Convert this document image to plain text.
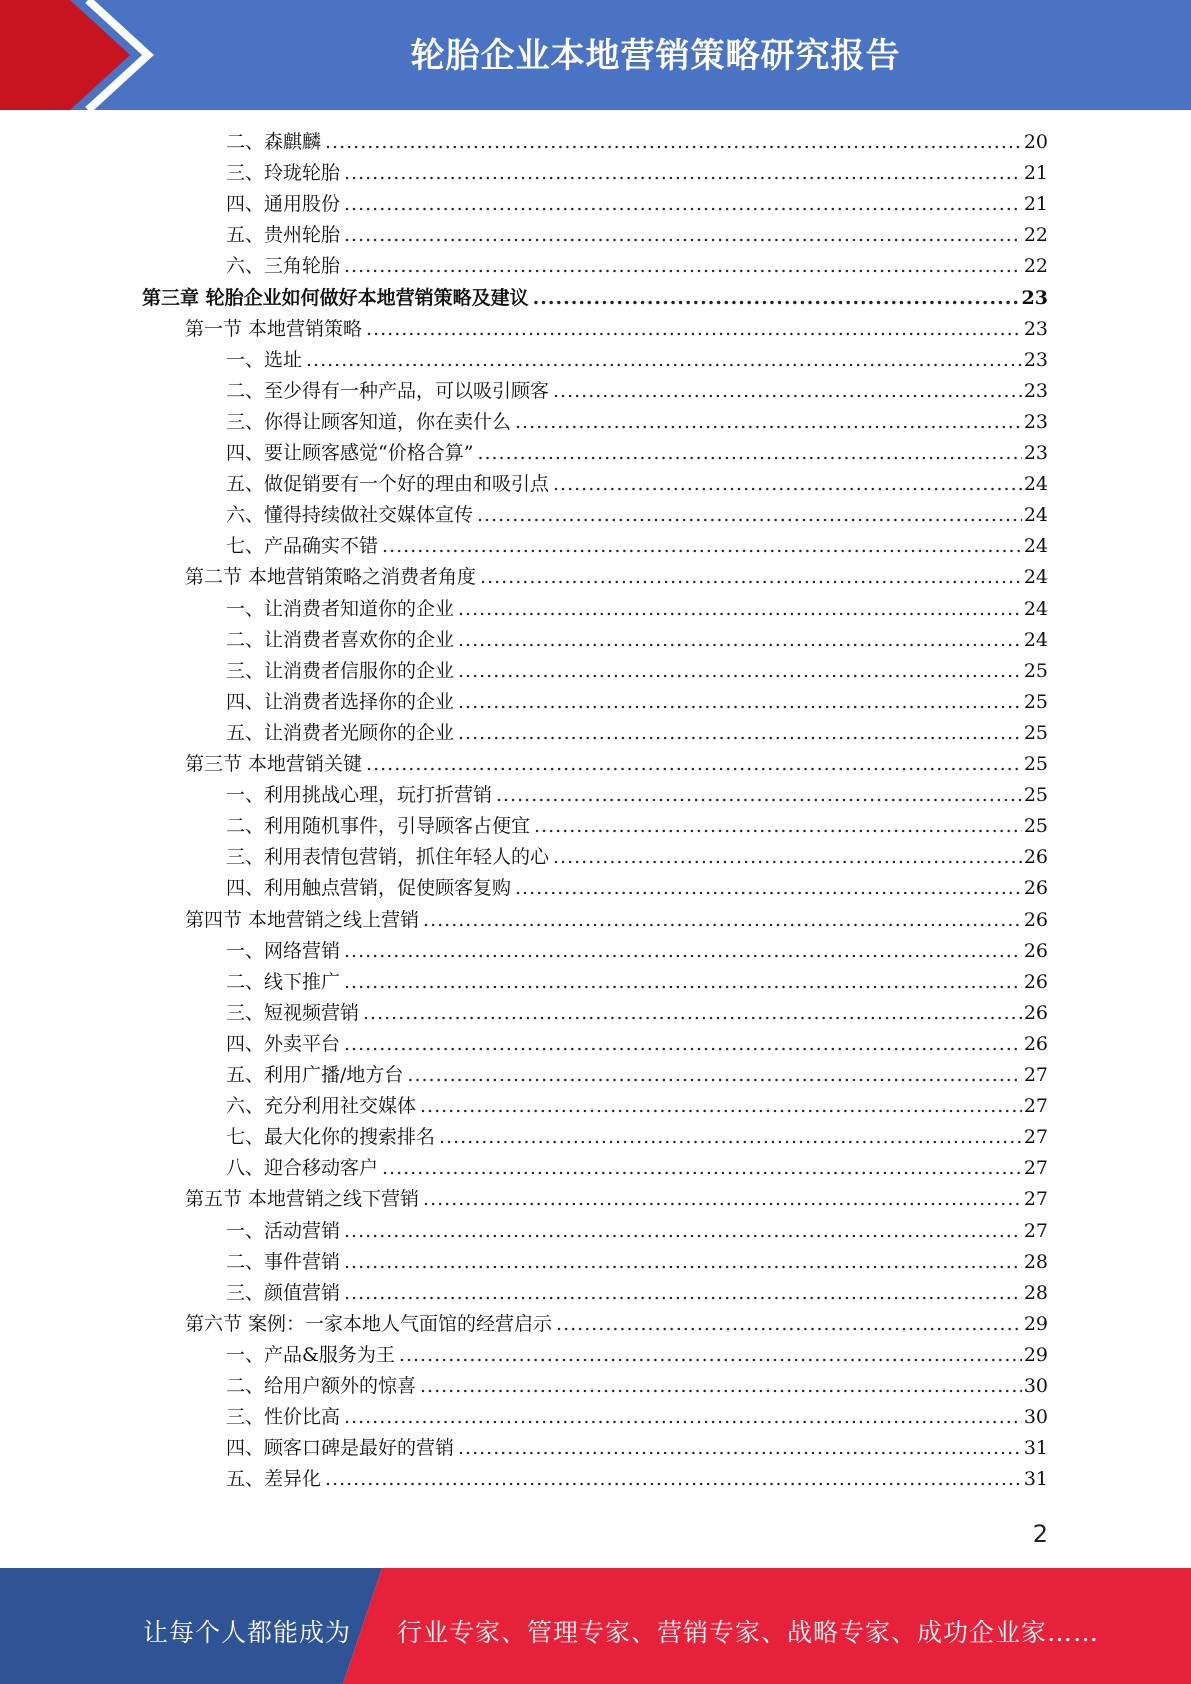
轮胎企业本地营销策略研究报告
二、森麒麟 .....	20
三、玲珑轮胎 .....	21
四、通用股份 .....	21
五、贵州轮胎 .....	22
六、三角轮胎 .....	22
第三章 轮胎企业如何做好本地营销策略及建议 .....	23
第一节 本地营销策略 .....	23
一、选址 .....	23
二、至少得有一种产品，可以吸引顾客 .....	23
三、你得让顾客知道，你在卖什么 .....	23
四、要让顾客感觉“价格合算” .....	23
五、做促销要有一个好的理由和吸引点 .....	24
六、懂得持续做社交媒体宣传 .....	24
七、产品确实不错 .....	24
第二节 本地营销策略之消费者角度 .....	24
一、让消费者知道你的企业 .....	24
二、让消费者喜欢你的企业 .....	24
三、让消费者信服你的企业 .....	25
四、让消费者选择你的企业 .....	25
五、让消费者光顾你的企业 .....	25
第三节 本地营销关键 .....	25
一、利用挑战心理，玩打折营销 .....	25
二、利用随机事件，引导顾客占便宜 .....	25
三、利用表情包营销，抓住年轻人的心 .....	26
四、利用触点营销，促使顾客复购 .....	26
第四节 本地营销之线上营销 .....	26
一、网络营销 .....	26
二、线下推广 .....	26
三、短视频营销 .....	26
四、外卖平台 .....	26
五、利用广播/地方台 .....	27
六、充分利用社交媒体 .....	27
七、最大化你的搜索排名 .....	27
八、迎合移动客户 .....	27
第五节 本地营销之线下营销 .....	27
一、活动营销 .....	27
二、事件营销 .....	28
三、颜值营销 .....	28
第六节 案例：一家本地人气面馆的经营启示 .....	29
一、产品&服务为王 .....	29
二、给用户额外的惊喜 .....	30
三、性价比高 .....	30
四、顾客口碑是最好的营销 .....	31
五、差异化 .....	31
2
让每个人都能成为 行业专家、管理专家、营销专家、战略专家、成功企业家……
